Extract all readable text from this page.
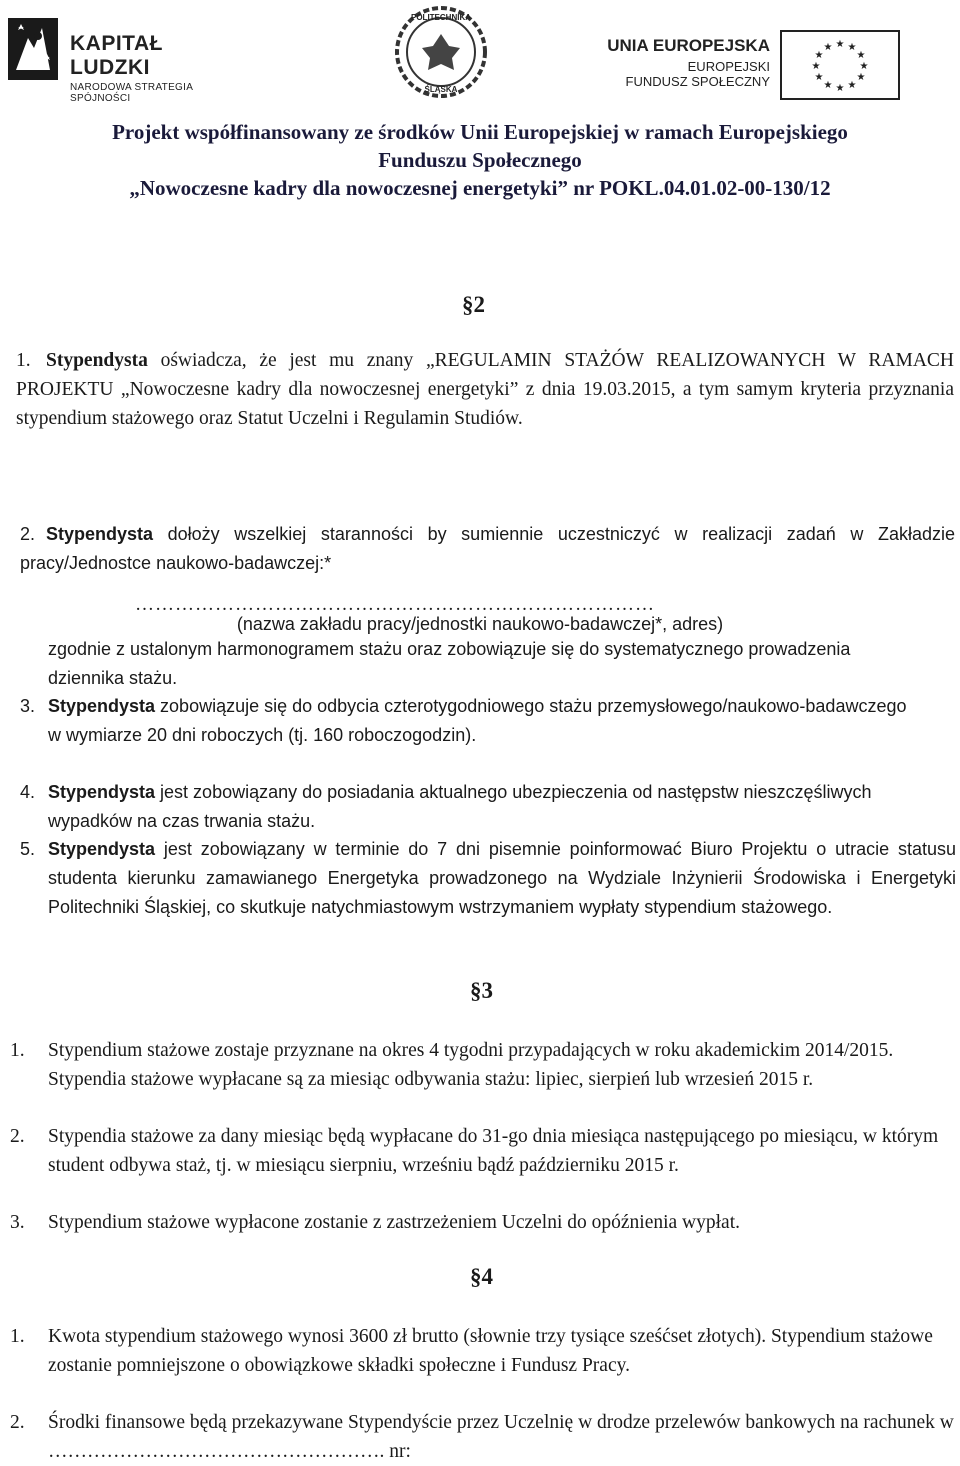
KAPITAŁ LUDZKI
NARODOWA STRATEGIA SPÓJNOŚCI
POLITECHNIKA
ŚLĄSKA
UNIA EUROPEJSKA
EUROPEJSKI
FUNDUSZ SPOŁECZNY
★ ★
★
★
★
★
★
★
★
★
★
★
Projekt współfinansowany ze środków Unii Europejskiej w ramach Europejskiego
Funduszu Społecznego
„Nowoczesne kadry dla nowoczesnej energetyki” nr POKL.04.01.02-00-130/12
§2
1. Stypendysta oświadcza, że jest mu znany „REGULAMIN STAŻÓW REALIZOWANYCH W RAMACH PROJEKTU „Nowoczesne kadry dla nowoczesnej energetyki” z dnia 19.03.2015, a tym samym kryteria przyznania stypendium stażowego oraz Statut Uczelni i Regulamin Studiów.
2. Stypendysta dołoży wszelkiej staranności by sumiennie uczestniczyć w realizacji zadań w Zakładzie pracy/Jednostce naukowo-badawczej:*
……………………………………………………………………
(nazwa zakładu pracy/jednostki naukowo-badawczej*, adres)
zgodnie z ustalonym harmonogramem stażu oraz zobowiązuje się do systematycznego prowadzenia dziennika stażu.
3. Stypendysta zobowiązuje się do odbycia czterotygodniowego stażu przemysłowego/naukowo-badawczego w wymiarze 20 dni roboczych (tj. 160 roboczogodzin).
4. Stypendysta jest zobowiązany do posiadania aktualnego ubezpieczenia od następstw nieszczęśliwych wypadków na czas trwania stażu.
5. Stypendysta jest zobowiązany w terminie do 7 dni pisemnie poinformować Biuro Projektu o utracie statusu studenta kierunku zamawianego Energetyka prowadzonego na Wydziale Inżynierii Środowiska i Energetyki Politechniki Śląskiej, co skutkuje natychmiastowym wstrzymaniem wypłaty stypendium stażowego.
§3
1. Stypendium stażowe zostaje przyznane na okres 4 tygodni przypadających w roku akademickim 2014/2015. Stypendia stażowe wypłacane są za miesiąc odbywania stażu: lipiec, sierpień lub wrzesień 2015 r.
2. Stypendia stażowe za dany miesiąc będą wypłacane do 31-go dnia miesiąca następującego po miesiącu, w którym student odbywa staż, tj. w miesiącu sierpniu, wrześniu bądź październiku 2015 r.
3. Stypendium stażowe wypłacone zostanie z zastrzeżeniem Uczelni do opóźnienia wypłat.
§4
1. Kwota stypendium stażowego wynosi 3600 zł brutto (słownie trzy tysiące sześćset złotych). Stypendium stażowe zostanie pomniejszone o obowiązkowe składki społeczne i Fundusz Pracy.
2. Środki finansowe będą przekazywane Stypendyście przez Uczelnię w drodze przelewów bankowych na rachunek w ……………………………………………. nr:
